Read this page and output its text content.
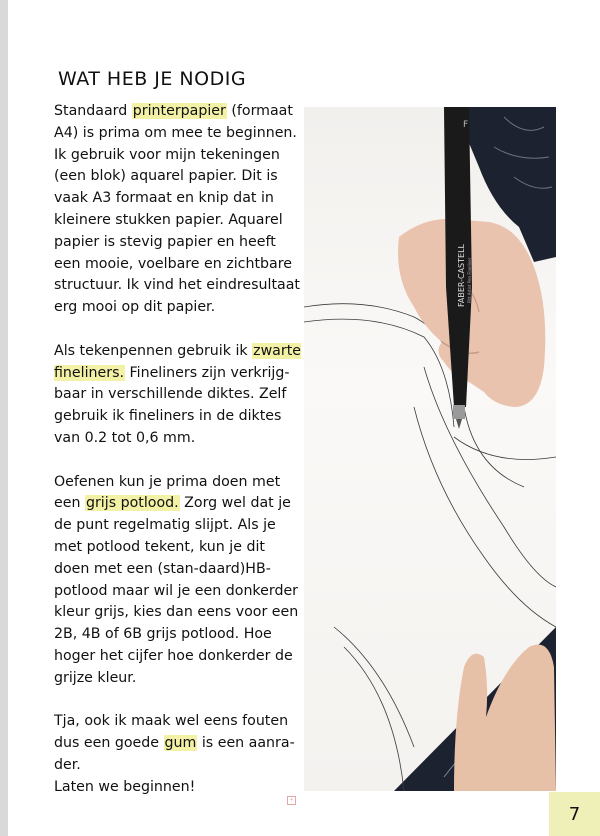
WAT HEB JE NODIG

Standaard printerpapier (formaat A4) is prima om mee te beginnen. Ik gebruik voor mijn tekeningen (een blok) aquarel papier. Dit is vaak A3 formaat en knip dat in kleinere stukken papier. Aquarel papier is stevig papier en heeft een mooie, voelbare en zichtbare structuur. Ik vind het eindresultaat erg mooi op dit papier.

Als tekenpennen gebruik ik zwarte fineliners. Fineliners zijn verkrijg-baar in verschillende diktes. Zelf gebruik ik fineliners in de diktes van 0.2 tot 0,6 mm.

Oefenen kun je prima doen met een grijs potlood. Zorg wel dat je de punt regelmatig slijpt. Als je met potlood tekent, kun je dit doen met een (stan-daard)HB-potlood maar wil je een donkerder kleur grijs, kies dan eens voor een 2B, 4B of 6B grijs potlood. Hoe hoger het cijfer hoe donkerder de grijze kleur.

Tja, ook ik maak wel eens fouten dus een goede gum is een aanra-der.
Laten we beginnen!

F
FABER-CASTELL Pitt Artist Pen Fineliner
+
7
